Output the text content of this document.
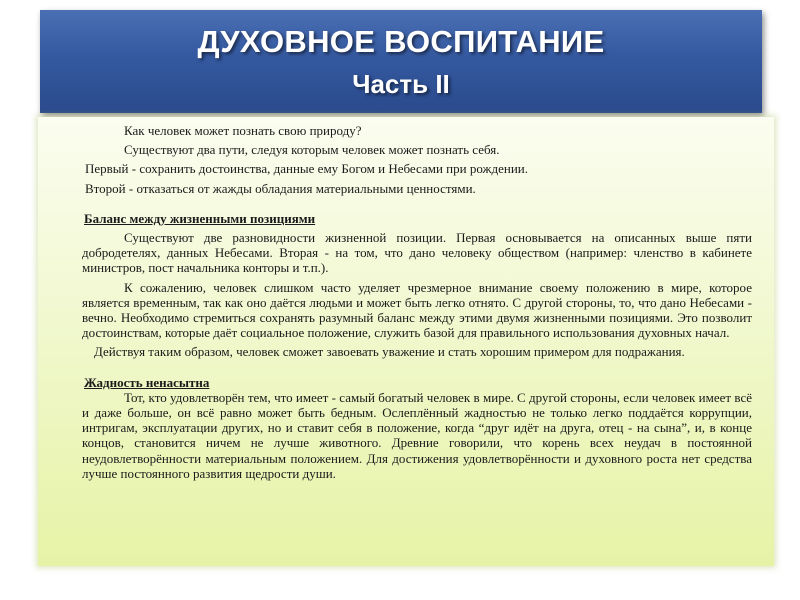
ДУХОВНОЕ ВОСПИТАНИЕ
Часть II

Как человек может познать свою природу?

Существуют два пути, следуя которым человек может познать себя.

Первый - сохранить достоинства, данные ему Богом и Небесами при рождении.

Второй - отказаться от жажды обладания материальными ценностями.

Баланс между жизненными позициями

Существуют две разновидности жизненной позиции. Первая основывается на описанных выше пяти добродетелях, данных Небесами. Вторая - на том, что дано человеку обществом (например: членство в кабинете министров, пост начальника конторы и т.п.).

К сожалению, человек слишком часто уделяет чрезмерное внимание своему положению в мире, которое является временным, так как оно даётся людьми и может быть легко отнято. С другой стороны, то, что дано Небесами - вечно. Необходимо стремиться сохранять разумный баланс между этими двумя жизненными позициями. Это позволит достоинствам, которые даёт социальное положение, служить базой для правильного использования духовных начал.

Действуя таким образом, человек сможет завоевать уважение и стать хорошим примером для подражания.

Жадность ненасытна

Тот, кто удовлетворён тем, что имеет - самый богатый человек в мире. С другой стороны, если человек имеет всё и даже больше, он всё равно может быть бедным. Ослеплённый жадностью не только легко поддаётся коррупции, интригам, эксплуатации других, но и ставит себя в положение, когда “друг идёт на друга, отец - на сына”, и, в конце концов, становится ничем не лучше животного. Древние говорили, что корень всех неудач в постоянной неудовлетворённости материальным положением. Для достижения удовлетворённости и духовного роста нет средства лучше постоянного развития щедрости души.
